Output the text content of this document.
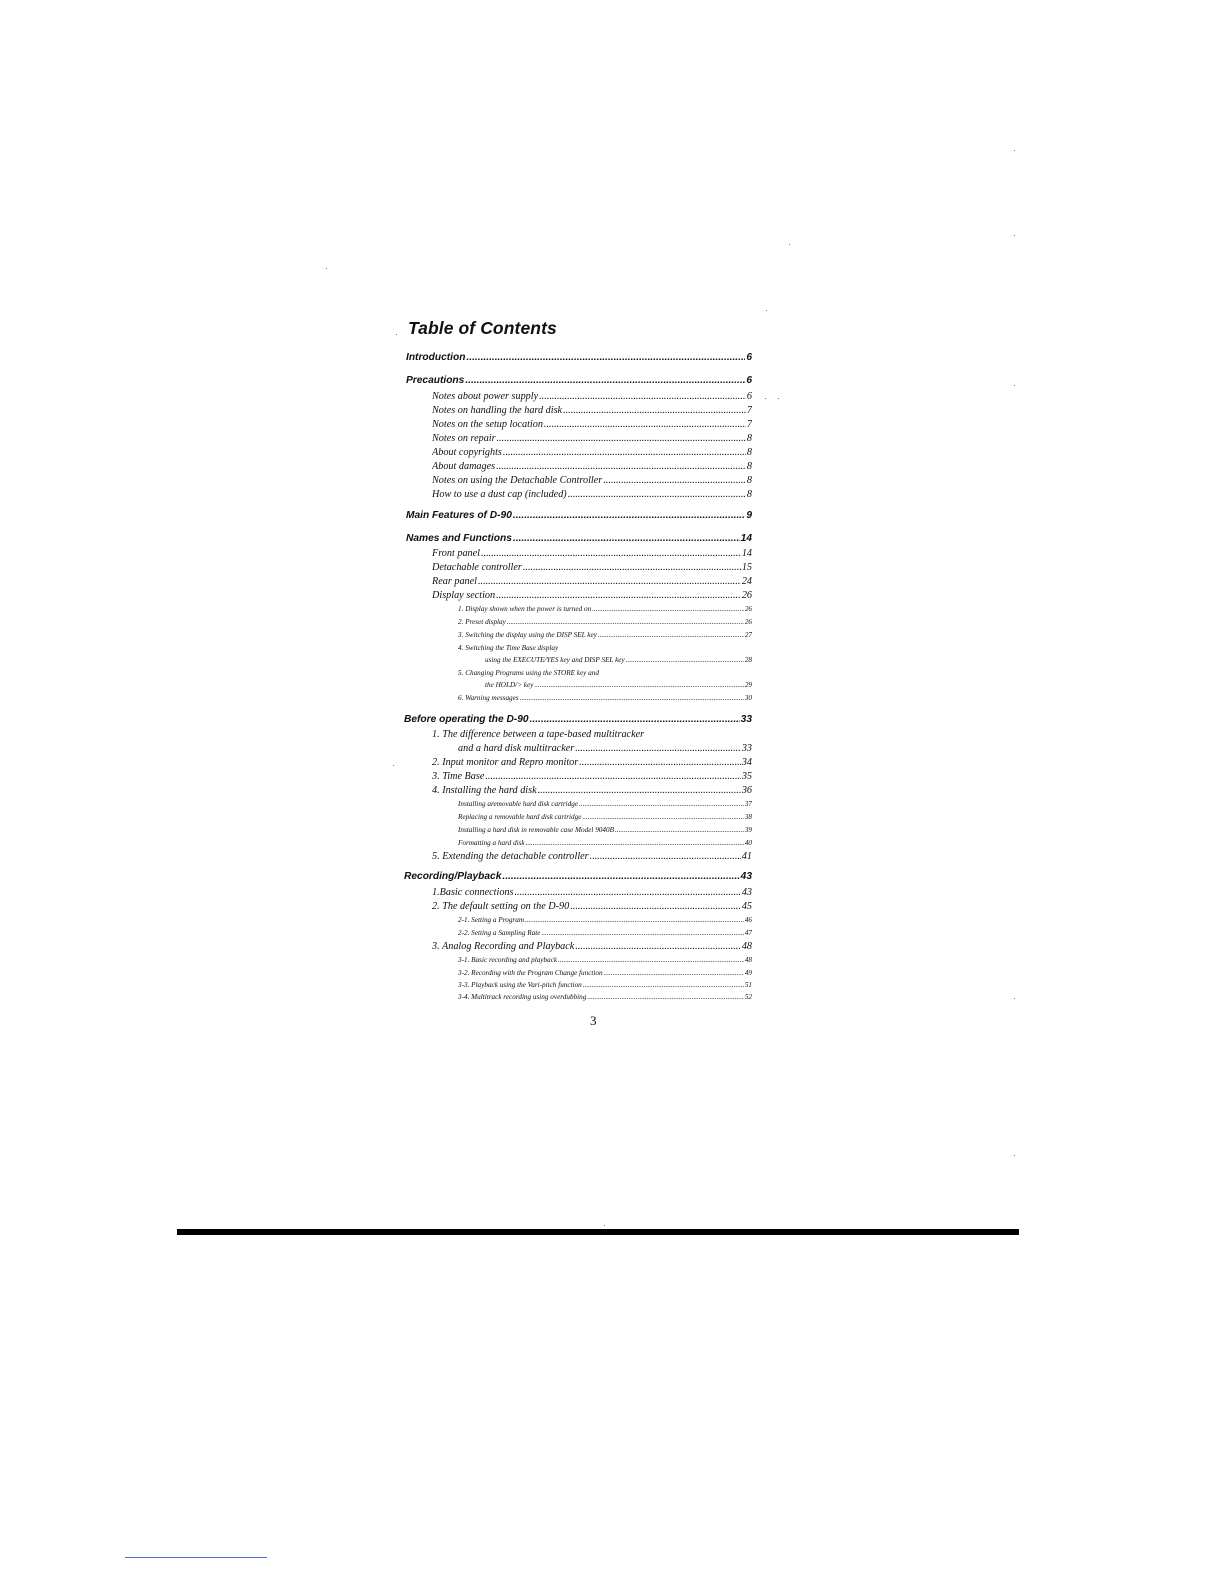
Table of Contents
Introduction .....	6
Precautions .....	6
Notes about power supply .....	6
Notes on handling the hard disk .....	7
Notes on the setup location .....	7
Notes on repair .....	8
About copyrights .....	8
About damages .....	8
Notes on using the Detachable Controller .....	8
How to use a dust cap (included) .....	8
Main Features of D-90 .....	9
Names and Functions .....	14
Front panel .....	14
Detachable controller .....	15
Rear panel .....	24
Display section .....	26
1. Display shown when the power is turned on .....	26
2. Preset display .....	26
3. Switching the display using the DISP SEL key .....	27
4. Switching the Time Base display
using the EXECUTE/YES key and DISP SEL key .....	28
5. Changing Programs using the STORE key and
the HOLD/> key .....	29
6. Warning messages .....	30
Before operating the D-90 .....	33
1. The difference between a tape-based multitracker
and a hard disk multitracker .....	33
2. Input monitor and Repro monitor .....	34
3. Time Base .....	35
4. Installing the hard disk .....	36
Installing aremovable hard disk cartridge .....	37
Replacing a removable hard disk cartridge .....	38
Installing a hard disk in removable case Model 9040B .....	39
Formatting a hard disk .....	40
5. Extending the detachable controller .....	41
Recording/Playback .....	43
1.Basic connections .....	43
2. The default setting on the D-90 .....	45
2-1. Setting a Program .....	46
2-2. Setting a Sampling Rate .....	47
3. Analog Recording and Playback .....	48
3-1. Basic recording and playback .....	48
3-2. Recording with the Program Change function .....	49
3-3. Playback using the Vari-pitch function .....	51
3-4. Multitrack recording using overdubbing .....	52
3
